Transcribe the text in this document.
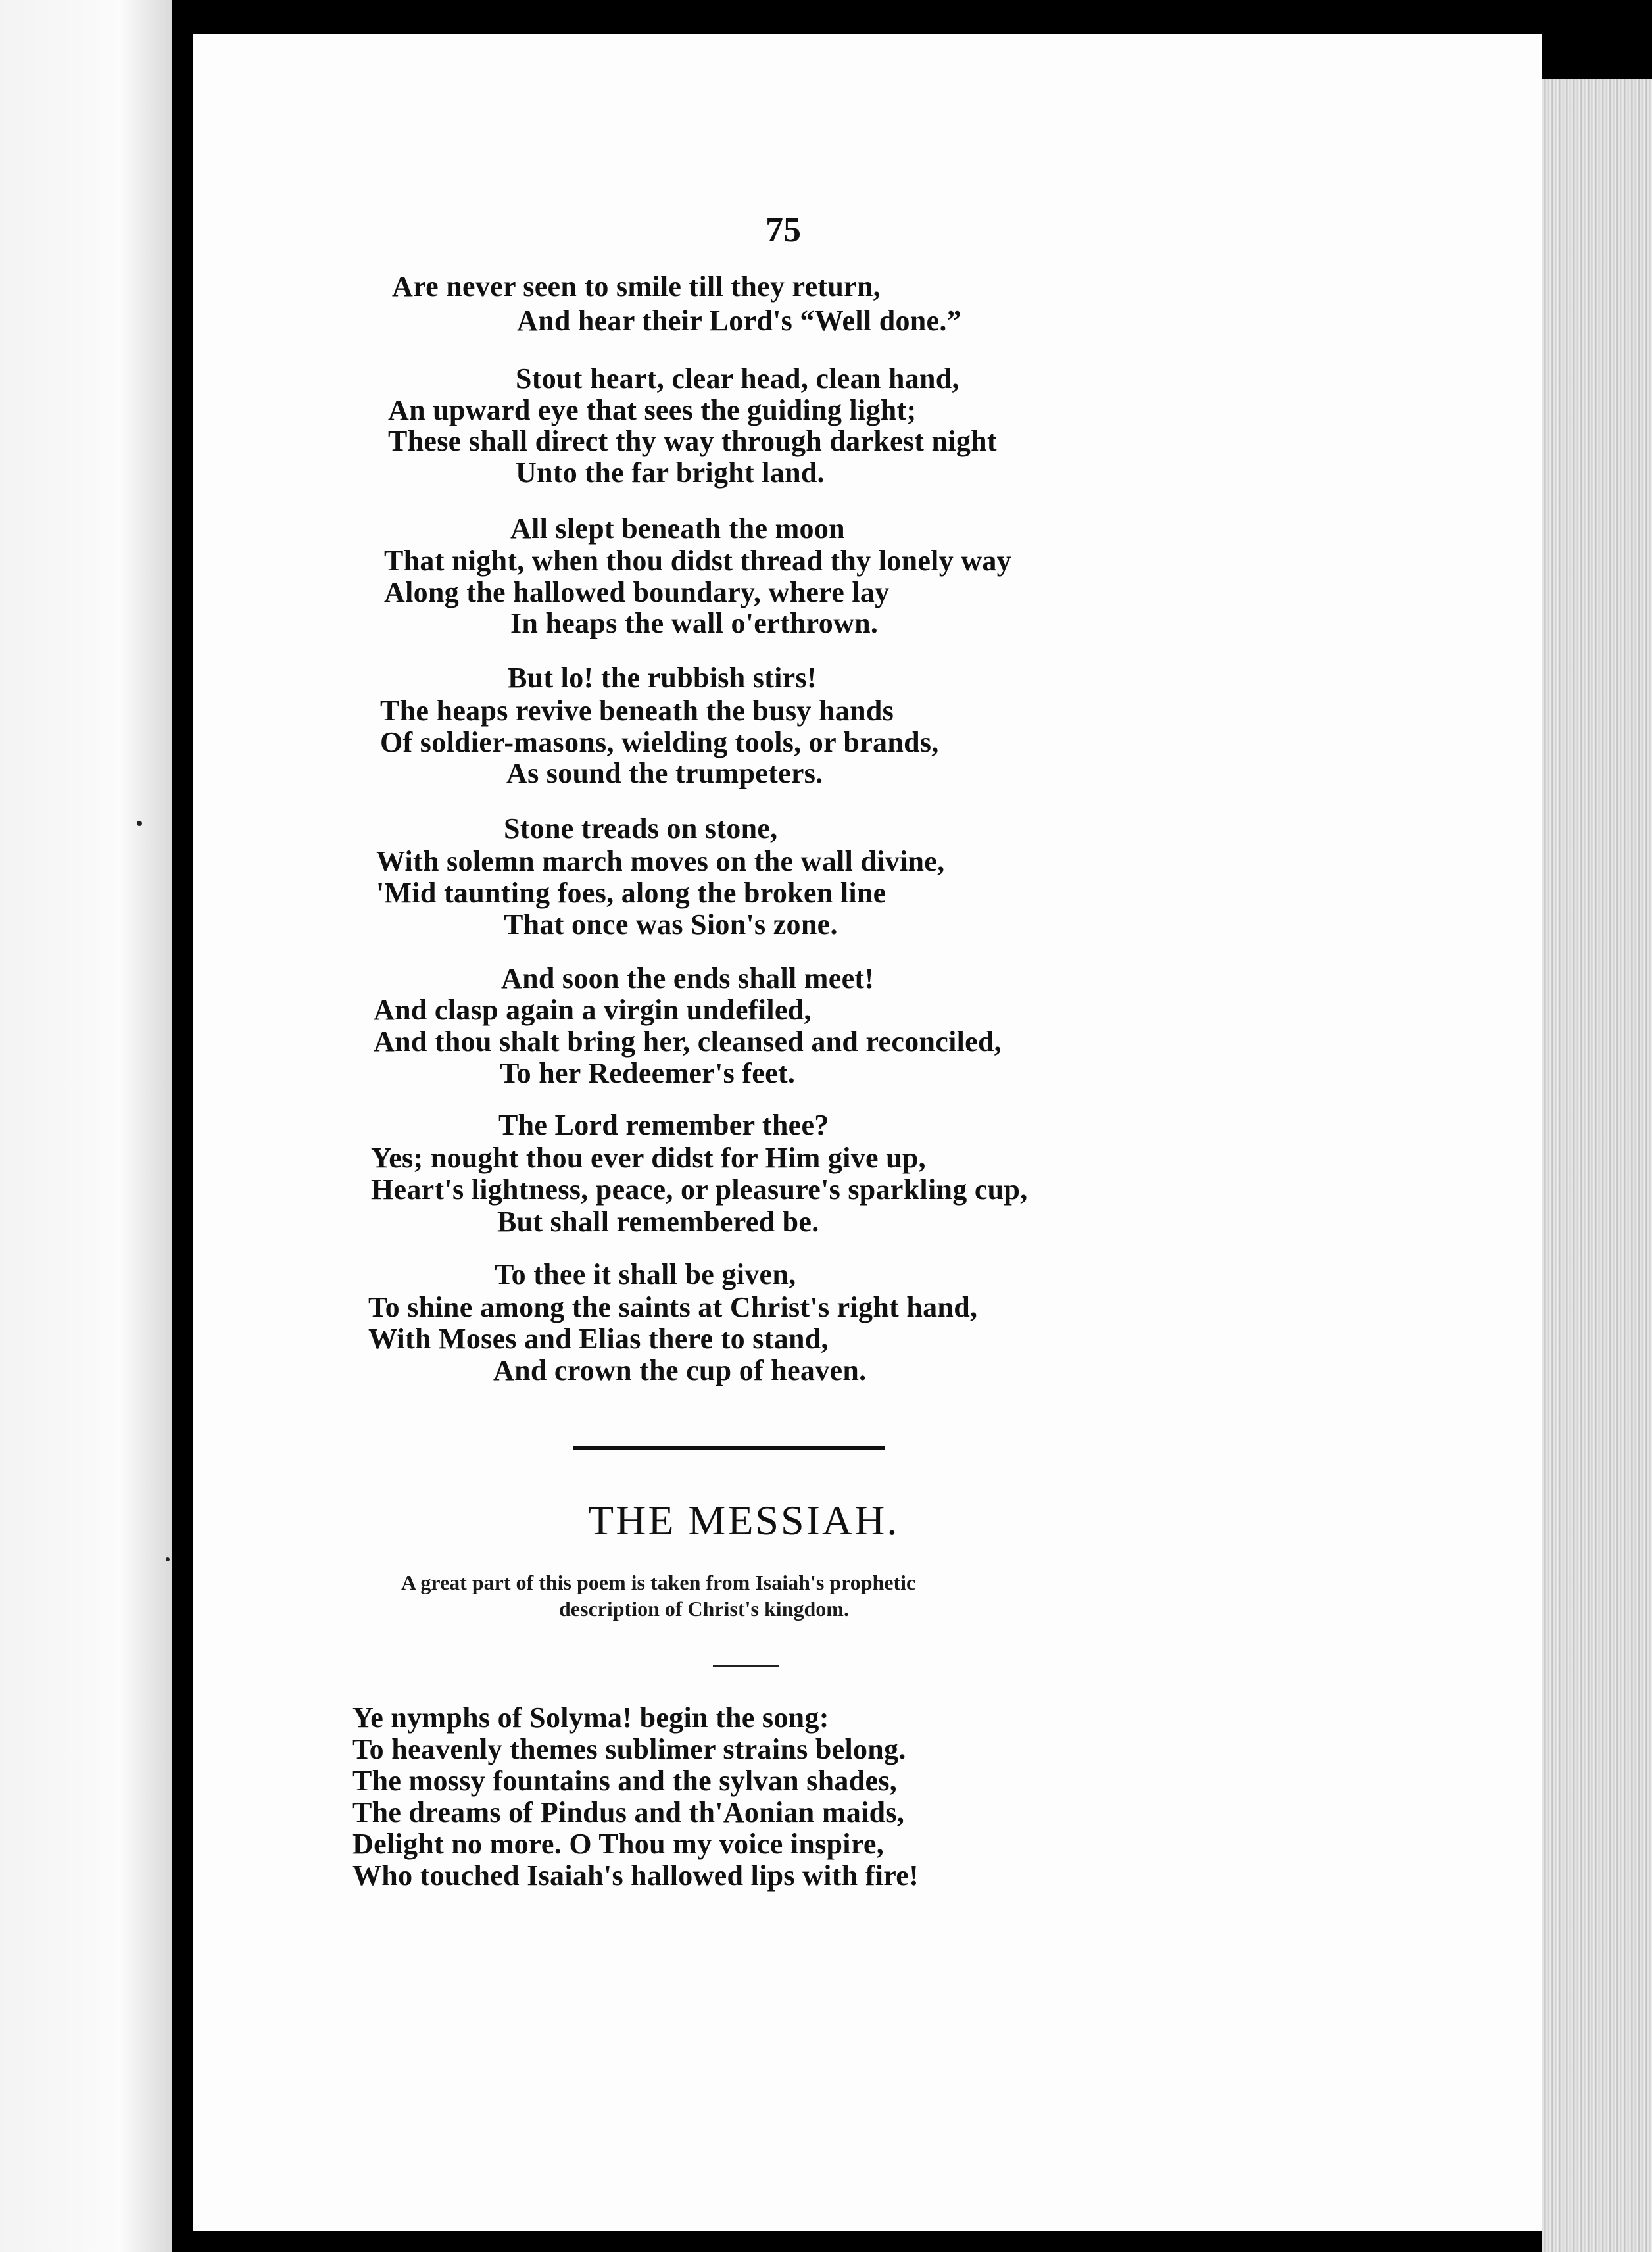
75
Are never seen to smile till they return,
And hear their Lord's “Well done.”
Stout heart, clear head, clean hand,
An upward eye that sees the guiding light;
These shall direct thy way through darkest night
Unto the far bright land.
All slept beneath the moon
That night, when thou didst thread thy lonely way
Along the hallowed boundary, where lay
In heaps the wall o'erthrown.
But lo! the rubbish stirs!
The heaps revive beneath the busy hands
Of soldier-masons, wielding tools, or brands,
As sound the trumpeters.
Stone treads on stone,
With solemn march moves on the wall divine,
'Mid taunting foes, along the broken line
That once was Sion's zone.
And soon the ends shall meet!
And clasp again a virgin undefiled,
And thou shalt bring her, cleansed and reconciled,
To her Redeemer's feet.
The Lord remember thee?
Yes; nought thou ever didst for Him give up,
Heart's lightness, peace, or pleasure's sparkling cup,
But shall remembered be.
To thee it shall be given,
To shine among the saints at Christ's right hand,
With Moses and Elias there to stand,
And crown the cup of heaven.
THE MESSIAH.
A great part of this poem is taken from Isaiah's prophetic
description of Christ's kingdom.
Ye nymphs of Solyma! begin the song:
To heavenly themes sublimer strains belong.
The mossy fountains and the sylvan shades,
The dreams of Pindus and th'Aonian maids,
Delight no more. O Thou my voice inspire,
Who touched Isaiah's hallowed lips with fire!
